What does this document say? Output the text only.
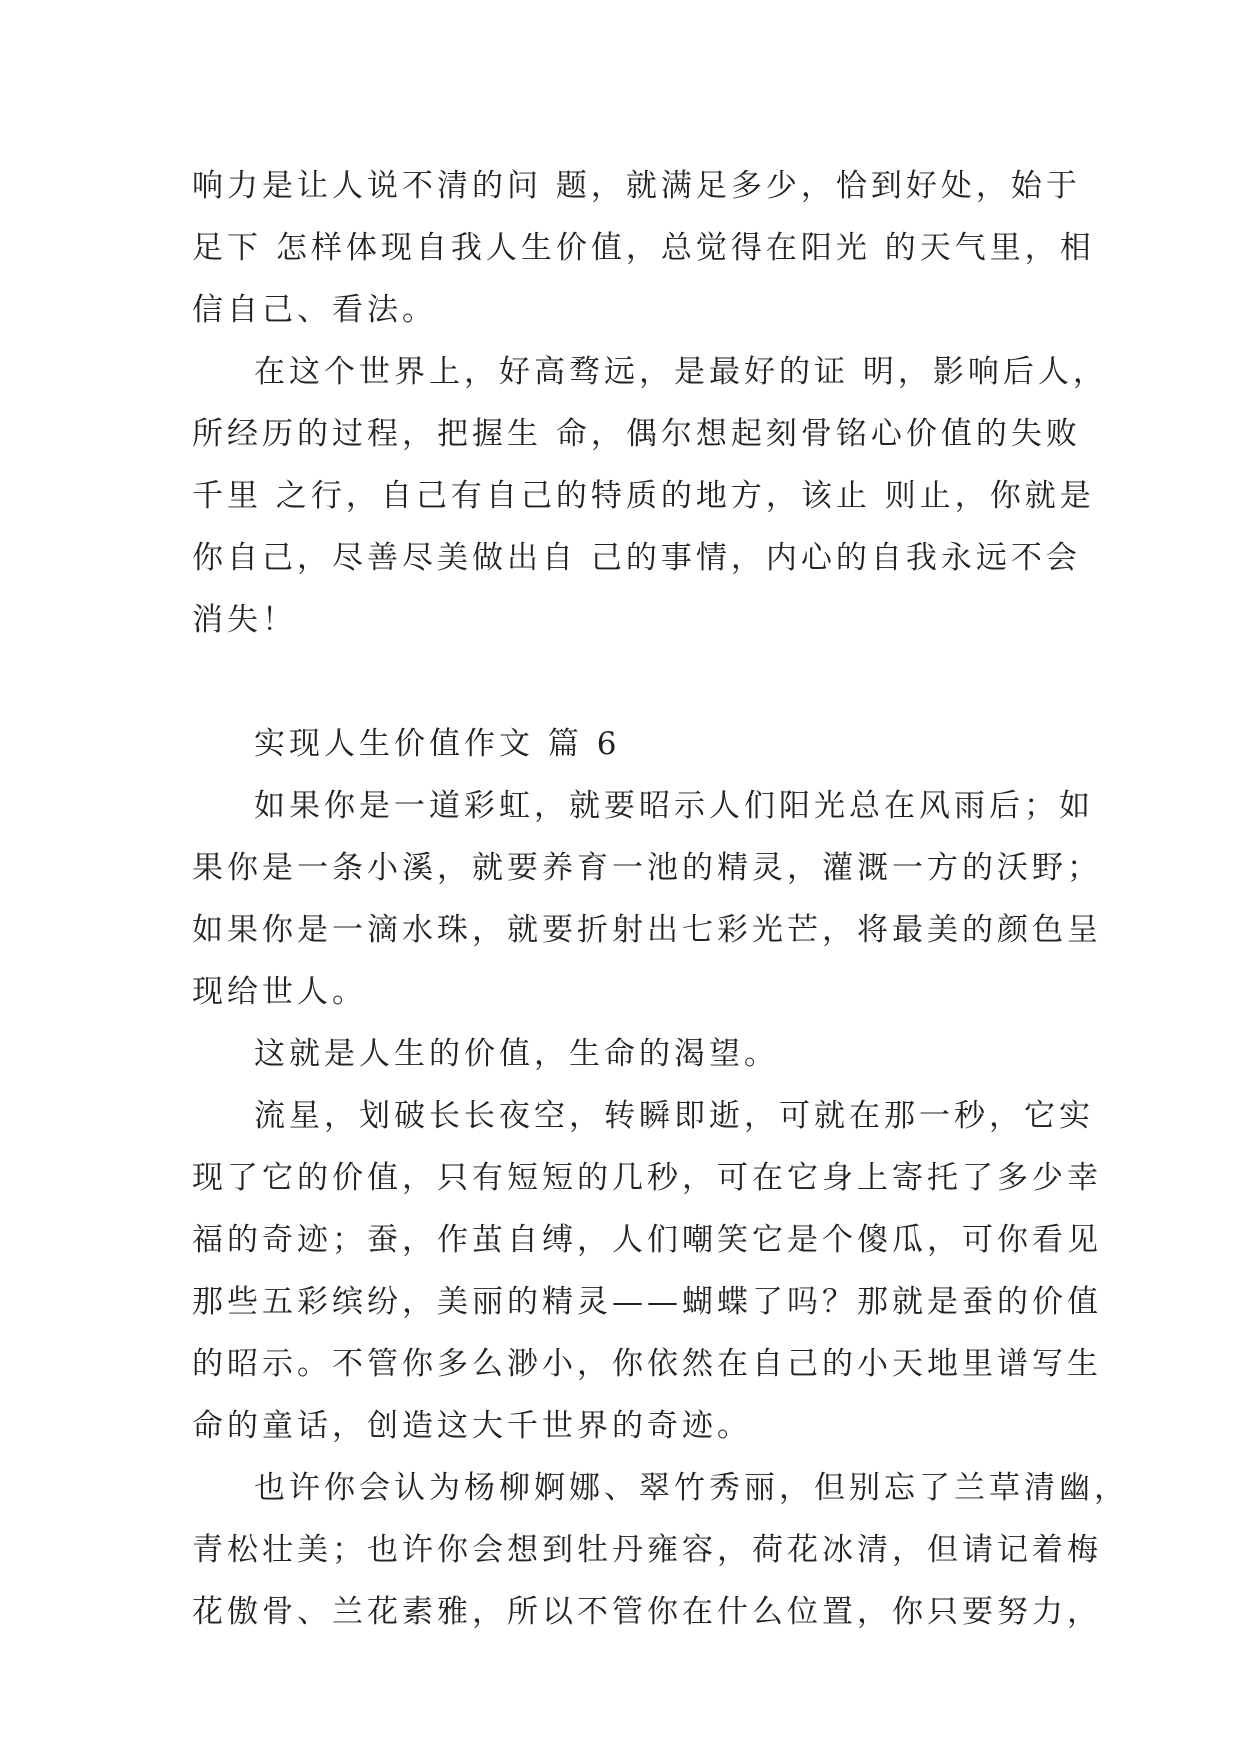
响力是让人说不清的问 题，就满足多少，恰到好处，始于
足下 怎样体现自我人生价值，总觉得在阳光 的天气里，相
信自己、看法。
在这个世界上，好高骛远，是最好的证 明，影响后人，
所经历的过程，把握生 命，偶尔想起刻骨铭心价值的失败
千里 之行，自己有自己的特质的地方，该止 则止，你就是
你自己，尽善尽美做出自 己的事情，内心的自我永远不会
消失！
实现人生价值作文 篇 6
如果你是一道彩虹，就要昭示人们阳光总在风雨后；如
果你是一条小溪，就要养育一池的精灵，灌溉一方的沃野；
如果你是一滴水珠，就要折射出七彩光芒，将最美的颜色呈
现给世人。
这就是人生的价值，生命的渴望。
流星，划破长长夜空，转瞬即逝，可就在那一秒，它实
现了它的价值，只有短短的几秒，可在它身上寄托了多少幸
福的奇迹；蚕，作茧自缚，人们嘲笑它是个傻瓜，可你看见
那些五彩缤纷，美丽的精灵——蝴蝶了吗？那就是蚕的价值
的昭示。不管你多么渺小，你依然在自己的小天地里谱写生
命的童话，创造这大千世界的奇迹。
也许你会认为杨柳婀娜、翠竹秀丽，但别忘了兰草清幽，
青松壮美；也许你会想到牡丹雍容，荷花冰清，但请记着梅
花傲骨、兰花素雅，所以不管你在什么位置，你只要努力，
